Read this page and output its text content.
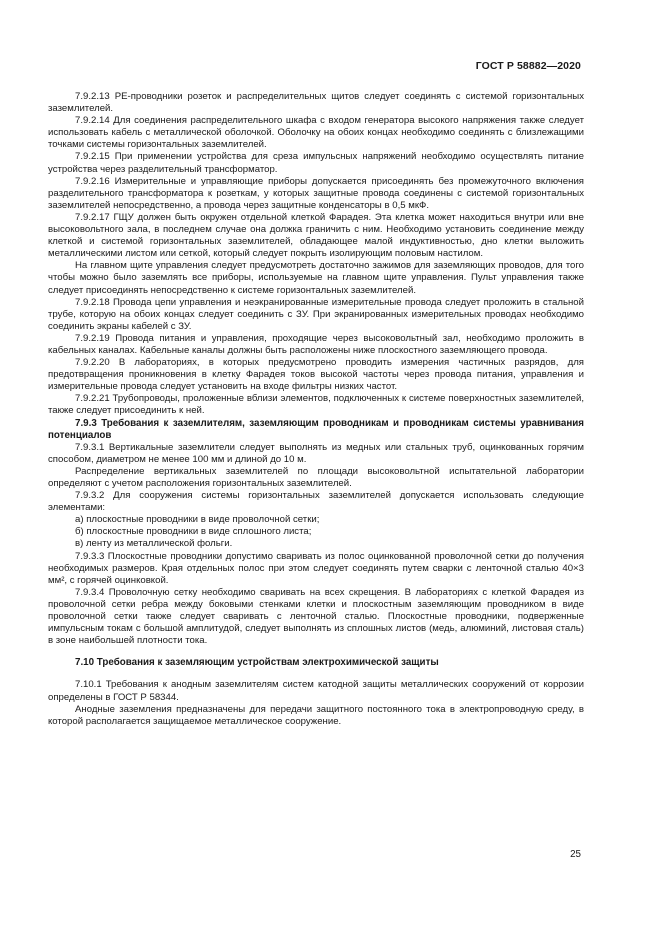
ГОСТ Р 58882—2020

7.9.2.13 PE-проводники розеток и распределительных щитов следует соединять с системой горизонтальных заземлителей.

7.9.2.14 Для соединения распределительного шкафа с входом генератора высокого напряжения также следует использовать кабель с металлической оболочкой. Оболочку на обоих концах необходимо соединять с близлежащими точками системы горизонтальных заземлителей.

7.9.2.15 При применении устройства для среза импульсных напряжений необходимо осуществлять питание устройства через разделительный трансформатор.

7.9.2.16 Измерительные и управляющие приборы допускается присоединять без промежуточного включения разделительного трансформатора к розеткам, у которых защитные провода соединены с системой горизонтальных заземлителей непосредственно, а провода через защитные конденсаторы в 0,5 мкФ.

7.9.2.17 ГЩУ должен быть окружен отдельной клеткой Фарадея. Эта клетка может находиться внутри или вне высоковольтного зала, в последнем случае она должка граничить с ним. Необходимо установить соединение между клеткой и системой горизонтальных заземлителей, обладающее малой индуктивностью, дно клетки выложить металлическими листом или сеткой, который следует покрыть изолирующим половым настилом.

На главном щите управления следует предусмотреть достаточно зажимов для заземляющих проводов, для того чтобы можно было заземлять все приборы, используемые на главном щите управления. Пульт управления также следует присоединять непосредственно к системе горизонтальных заземлителей.

7.9.2.18 Провода цепи управления и неэкранированные измерительные провода следует проложить в стальной трубе, которую на обоих концах следует соединить с ЗУ. При экранированных измерительных проводах необходимо соединить экраны кабелей с ЗУ.

7.9.2.19 Провода питания и управления, проходящие через высоковольтный зал, необходимо проложить в кабельных каналах. Кабельные каналы должны быть расположены ниже плоскостного заземляющего провода.

7.9.2.20 В лабораториях, в которых предусмотрено проводить измерения частичных разрядов, для предотвращения проникновения в клетку Фарадея токов высокой частоты через провода питания, управления и измерительные провода следует установить на входе фильтры низких частот.

7.9.2.21 Трубопроводы, проложенные вблизи элементов, подключенных к системе поверхностных заземлителей, также следует присоединить к ней.

7.9.3 Требования к заземлителям, заземляющим проводникам и проводникам системы уравнивания потенциалов

7.9.3.1 Вертикальные заземлители следует выполнять из медных или стальных труб, оцинкованных горячим способом, диаметром не менее 100 мм и длиной до 10 м.

Распределение вертикальных заземлителей по площади высоковольтной испытательной лаборатории определяют с учетом расположения горизонтальных заземлителей.

7.9.3.2 Для сооружения системы горизонтальных заземлителей допускается использовать следующие элементами:

а) плоскостные проводники в виде проволочной сетки;

б) плоскостные проводники в виде сплошного листа;

в) ленту из металлической фольги.

7.9.3.3 Плоскостные проводники допустимо сваривать из полос оцинкованной проволочной сетки до получения необходимых размеров. Края отдельных полос при этом следует соединять путем сварки с ленточной сталью 40×3 мм², с горячей оцинковкой.

7.9.3.4 Проволочную сетку необходимо сваривать на всех скрещения. В лабораториях с клеткой Фарадея из проволочной сетки ребра между боковыми стенками клетки и плоскостным заземляющим проводником в виде проволочной сетки также следует сваривать с ленточной сталью. Плоскостные проводники, подверженные импульсным токам с большой амплитудой, следует выполнять из сплошных листов (медь, алюминий, листовая сталь) в зоне наибольшей плотности тока.

7.10 Требования к заземляющим устройствам электрохимической защиты

7.10.1 Требования к анодным заземлителям систем катодной защиты металлических сооружений от коррозии определены в ГОСТ Р 58344.

Анодные заземления предназначены для передачи защитного постоянного тока в электропроводную среду, в которой располагается защищаемое металлическое сооружение.

25
